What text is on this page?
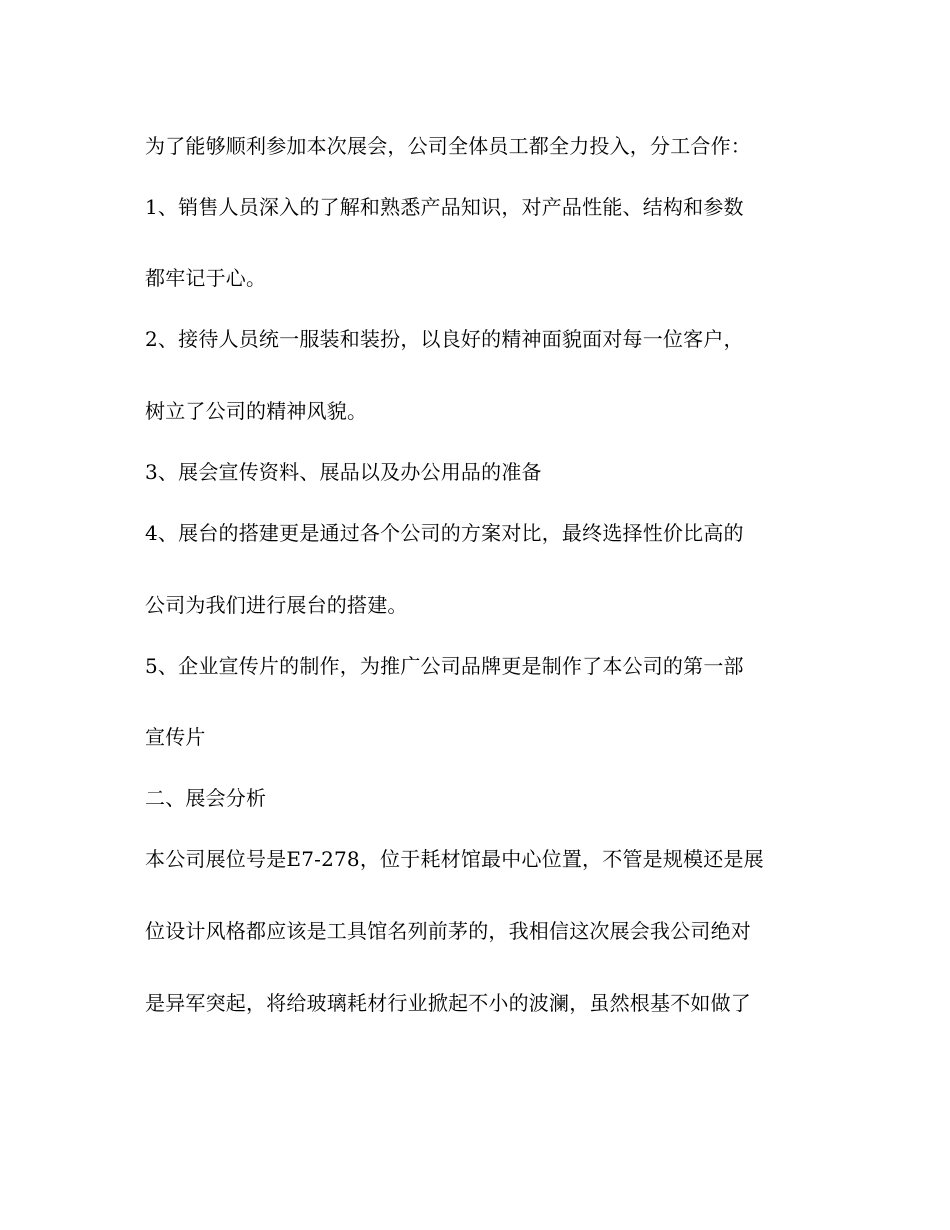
为了能够顺利参加本次展会，公司全体员工都全力投入，分工合作：
1、销售人员深入的了解和熟悉产品知识，对产品性能、结构和参数
都牢记于心。
2、接待人员统一服装和装扮，以良好的精神面貌面对每一位客户，
树立了公司的精神风貌。
3、展会宣传资料、展品以及办公用品的准备
4、展台的搭建更是通过各个公司的方案对比，最终选择性价比高的
公司为我们进行展台的搭建。
5、企业宣传片的制作，为推广公司品牌更是制作了本公司的第一部
宣传片
二、展会分析
本公司展位号是E7-278，位于耗材馆最中心位置，不管是规模还是展
位设计风格都应该是工具馆名列前茅的，我相信这次展会我公司绝对
是异军突起，将给玻璃耗材行业掀起不小的波澜，虽然根基不如做了
